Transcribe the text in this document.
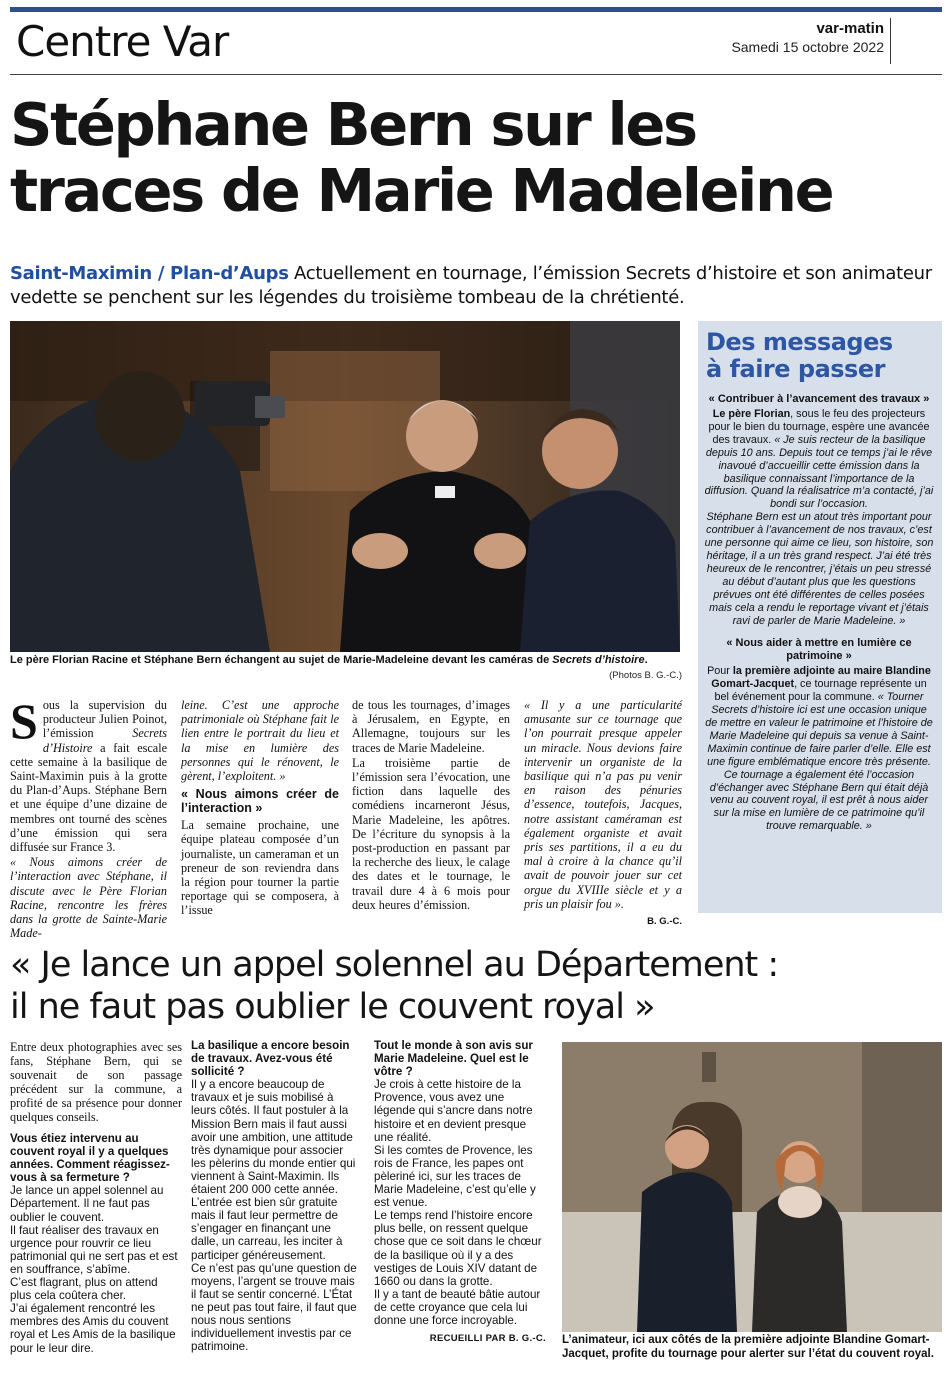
Centre Var	var-matin
Samedi 15 octobre 2022
Stéphane Bern sur les
traces de Marie Madeleine
Saint-Maximin / Plan-d’Aups Actuellement en tournage, l’émission Secrets d’histoire et son animateur vedette se penchent sur les légendes du troisième tombeau de la chrétienté.
Le père Florian Racine et Stéphane Bern échangent au sujet de Marie-Madeleine devant les caméras de Secrets d’histoire.
(Photos B. G.-C.)

Sous la supervision du producteur Julien Poinot, l’émission Secrets d’Histoire a fait escale cette semaine à la basilique de Saint-Maximin puis à la grotte du Plan-d’Aups. Stéphane Bern et une équipe d’une dizaine de membres ont tourné des scènes d’une émission qui sera diffusée sur France 3.

« Nous aimons créer de l’interaction avec Stéphane, il discute avec le Père Florian Racine, rencontre les frères dans la grotte de Sainte-Marie Made-

leine. C’est une approche patrimoniale où Stéphane fait le lien entre le portrait du lieu et la mise en lumière des personnes qui le rénovent, le gèrent, l’exploitent. »

« Nous aimons créer de l’interaction »

La semaine prochaine, une équipe plateau composée d’un journaliste, un cameraman et un preneur de son reviendra dans la région pour tourner la partie reportage qui se composera, à l’issue

de tous les tournages, d’images à Jérusalem, en Egypte, en Allemagne, toujours sur les traces de Marie Madeleine.

La troisième partie de l’émission sera l’évocation, une fiction dans laquelle des comédiens incarneront Jésus, Marie Madeleine, les apôtres. De l’écriture du synopsis à la post-production en passant par la recherche des lieux, le calage des dates et le tournage, le travail dure 4 à 6 mois pour deux heures d’émission.

« Il y a une particularité amusante sur ce tournage que l’on pourrait presque appeler un miracle. Nous devions faire intervenir un organiste de la basilique qui n’a pas pu venir en raison des pénuries d’essence, toutefois, Jacques, notre assistant caméraman est également organiste et avait pris ses partitions, il a eu du mal à croire à la chance qu’il avait de pouvoir jouer sur cet orgue du XVIIIe siècle et y a pris un plaisir fou ».

B. G.-C.
Des messages
à faire passer
« Contribuer à l’avancement des travaux »
Le père Florian, sous le feu des projecteurs pour le bien du tournage, espère une avancée des travaux. « Je suis recteur de la basilique depuis 10 ans. Depuis tout ce temps j’ai le rêve inavoué d’accueillir cette émission dans la basilique connaissant l’importance de la diffusion. Quand la réalisatrice m’a contacté, j’ai bondi sur l’occasion.
Stéphane Bern est un atout très important pour contribuer à l’avancement de nos travaux, c’est une personne qui aime ce lieu, son histoire, son héritage, il a un très grand respect. J’ai été très heureux de le rencontrer, j’étais un peu stressé au début d’autant plus que les questions prévues ont été différentes de celles posées mais cela a rendu le reportage vivant et j’étais ravi de parler de Marie Madeleine. »
« Nous aider à mettre en lumière ce patrimoine »
Pour la première adjointe au maire Blandine Gomart-Jacquet, ce tournage représente un bel événement pour la commune. « Tourner Secrets d’histoire ici est une occasion unique de mettre en valeur le patrimoine et l’histoire de Marie Madeleine qui depuis sa venue à Saint-Maximin continue de faire parler d’elle. Elle est une figure emblématique encore très présente.
Ce tournage a également été l’occasion d’échanger avec Stéphane Bern qui était déjà venu au couvent royal, il est prêt à nous aider sur la mise en lumière de ce patrimoine qu’il trouve remarquable. »
« Je lance un appel solennel au Département :
il ne faut pas oublier le couvent royal »

Entre deux photographies avec ses fans, Stéphane Bern, qui se souvenait de son passage précédent sur la commune, a profité de sa présence pour donner quelques conseils.

Vous étiez intervenu au couvent royal il y a quelques années. Comment réagissez-vous à sa fermeture ?

Je lance un appel solennel au Département. Il ne faut pas oublier le couvent.

Il faut réaliser des travaux en urgence pour rouvrir ce lieu patrimonial qui ne sert pas et est en souffrance, s’abîme.

C’est flagrant, plus on attend plus cela coûtera cher.

J’ai également rencontré les membres des Amis du couvent royal et Les Amis de la basilique pour le leur dire.

La basilique a encore besoin de travaux. Avez-vous été sollicité ?

Il y a encore beaucoup de travaux et je suis mobilisé à leurs côtés. Il faut postuler à la Mission Bern mais il faut aussi avoir une ambition, une attitude très dynamique pour associer les pèlerins du monde entier qui viennent à Saint-Maximin. Ils étaient 200 000 cette année.

L’entrée est bien sûr gratuite mais il faut leur permettre de s’engager en finançant une dalle, un carreau, les inciter à participer généreusement.

Ce n’est pas qu’une question de moyens, l’argent se trouve mais il faut se sentir concerné. L’État ne peut pas tout faire, il faut que nous nous sentions individuellement investis par ce patrimoine.

Tout le monde à son avis sur Marie Madeleine. Quel est le vôtre ?

Je crois à cette histoire de la Provence, vous avez une légende qui s’ancre dans notre histoire et en devient presque une réalité.

Si les comtes de Provence, les rois de France, les papes ont pèleriné ici, sur les traces de Marie Madeleine, c’est qu’elle y est venue.

Le temps rend l’histoire encore plus belle, on ressent quelque chose que ce soit dans le chœur de la basilique où il y a des vestiges de Louis XIV datant de 1660 ou dans la grotte.

Il y a tant de beauté bâtie autour de cette croyance que cela lui donne une force incroyable.

RECUEILLI PAR B. G.-C. L’animateur, ici aux côtés de la première adjointe Blandine Gomart-Jacquet, profite du tournage pour alerter sur l’état du couvent royal.
